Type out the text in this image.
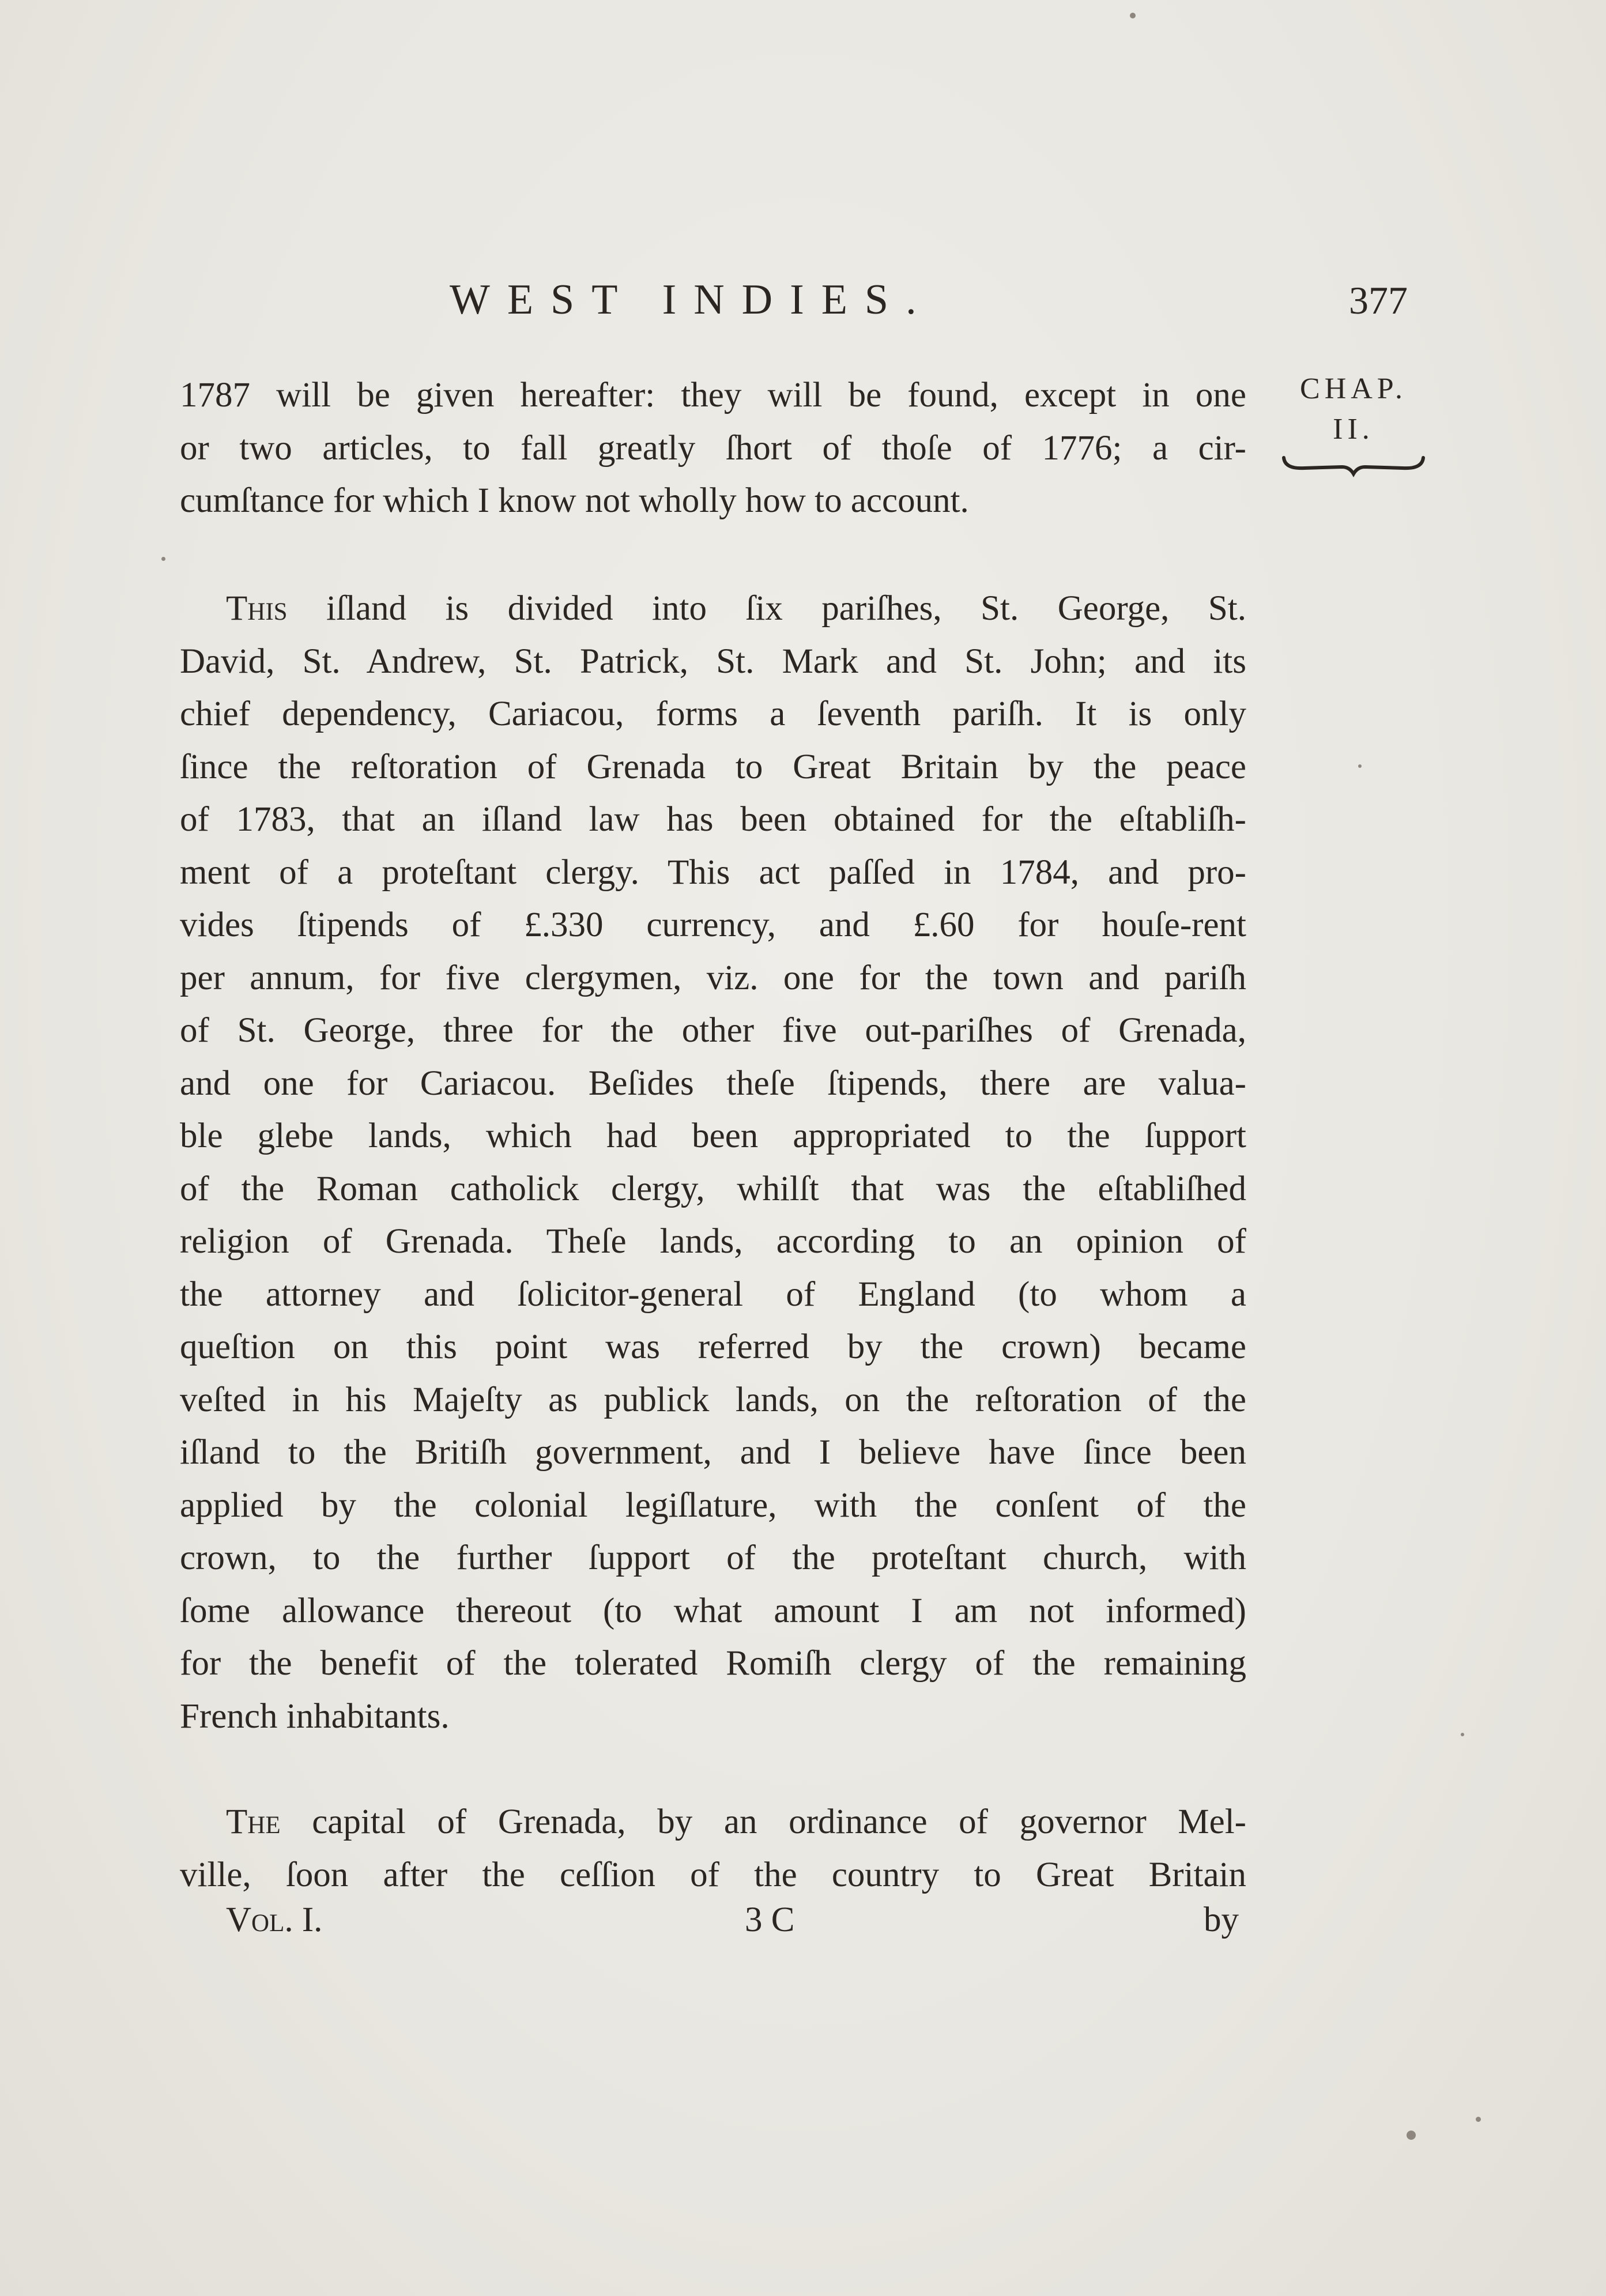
WEST INDIES.	377
CHAP.
II.
1787 will be given hereafter: they will be found, except in one
or two articles, to fall greatly ſhort of thoſe of 1776; a cir-
cumſtance for which I know not wholly how to account.
This iſland is divided into ſix pariſhes, St. George, St.
David, St. Andrew, St. Patrick, St. Mark and St. John; and its
chief dependency, Cariacou, forms a ſeventh pariſh. It is only
ſince the reſtoration of Grenada to Great Britain by the peace
of 1783, that an iſland law has been obtained for the eſtabliſh-
ment of a proteſtant clergy. This act paſſed in 1784, and pro-
vides ſtipends of £.330 currency, and £.60 for houſe-rent
per annum, for five clergymen, viz. one for the town and pariſh
of St. George, three for the other five out-pariſhes of Grenada,
and one for Cariacou. Beſides theſe ſtipends, there are valua-
ble glebe lands, which had been appropriated to the ſupport
of the Roman catholick clergy, whilſt that was the eſtabliſhed
religion of Grenada. Theſe lands, according to an opinion of
the attorney and ſolicitor-general of England (to whom a
queſtion on this point was referred by the crown) became
veſted in his Majeſty as publick lands, on the reſtoration of the
iſland to the Britiſh government, and I believe have ſince been
applied by the colonial legiſlature, with the conſent of the
crown, to the further ſupport of the proteſtant church, with
ſome allowance thereout (to what amount I am not informed)
for the benefit of the tolerated Romiſh clergy of the remaining
French inhabitants.
The capital of Grenada, by an ordinance of governor Mel-
ville, ſoon after the ceſſion of the country to Great Britain
Vol. I.	3 C	by
